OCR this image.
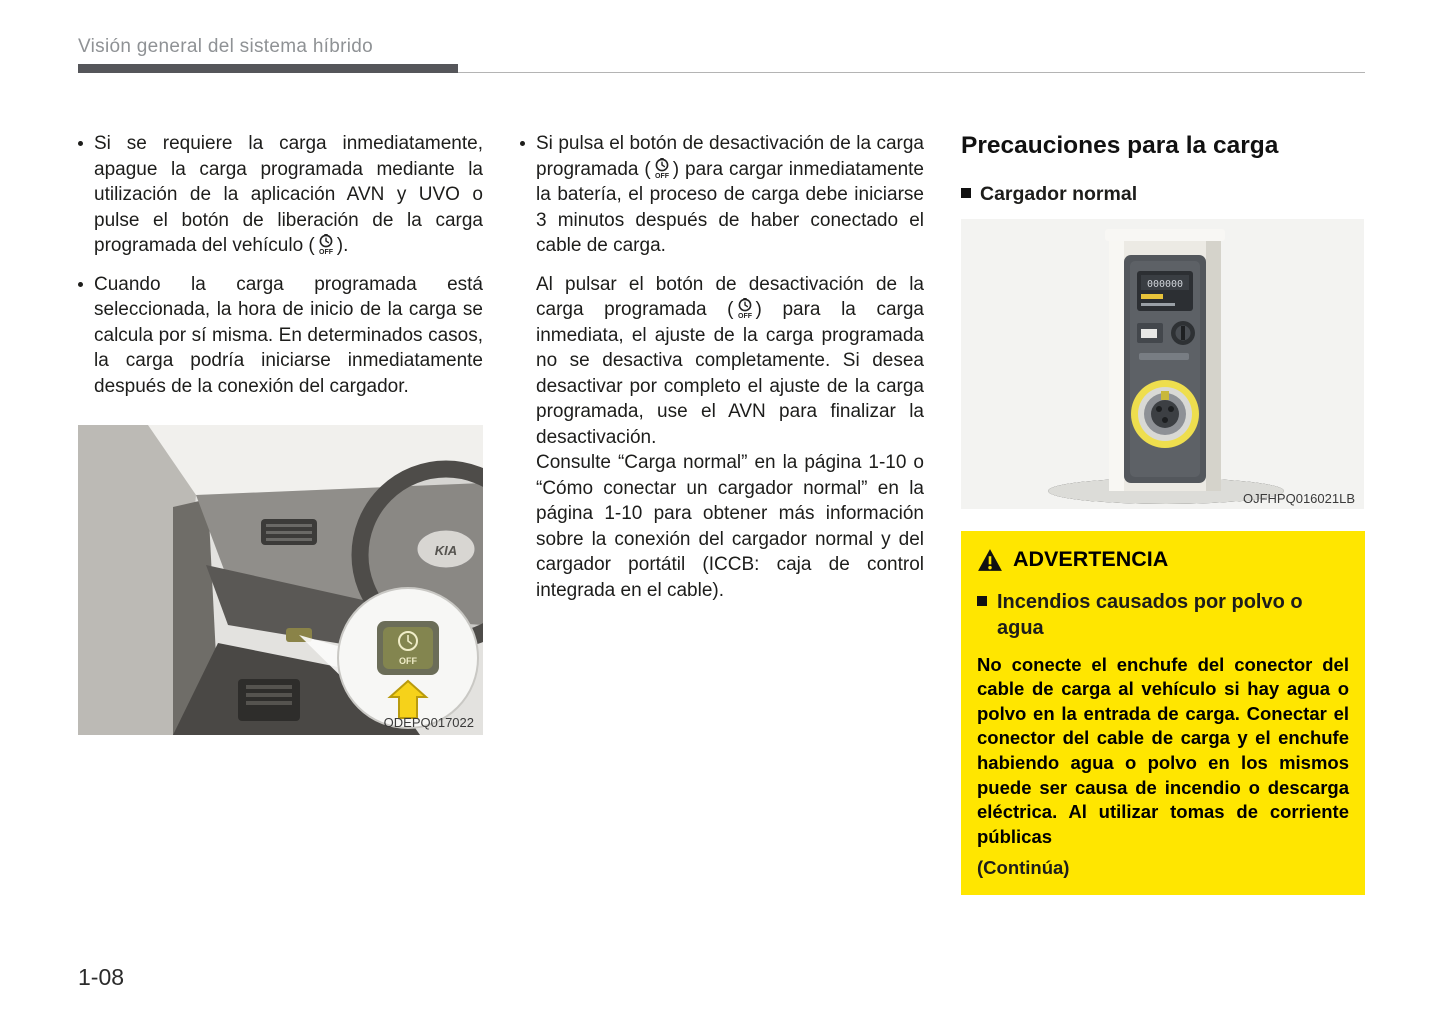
Visión general del sistema híbrido
Si se requiere la carga inmediatamente, apague la carga programada mediante la utilización de la aplicación AVN y UVO o pulse el botón de liberación de la carga programada del vehículo ( OFF ).
Cuando la carga programada está seleccionada, la hora de inicio de la carga se calcula por sí misma. En determinados casos, la carga podría iniciarse inmediatamente después de la conexión del cargador.
KIA
OFF
ODEPQ017022
Si pulsa el botón de desactivación de la carga programada ( OFF ) para cargar inmediatamente la batería, el proceso de carga debe iniciarse 3 minutos después de haber conectado el cable de carga.

Al pulsar el botón de desactivación de la carga programada ( OFF ) para la carga inmediata, el ajuste de la carga programada no se desactiva completamente. Si desea desactivar por completo el ajuste de la carga programada, use el AVN para finalizar la desactivación.

Consulte “Carga normal” en la página 1-10 o “Cómo conectar un cargador normal” en la página 1-10 para obtener más información sobre la conexión del cargador normal y del cargador portátil (ICCB: caja de control integrada en el cable).

Precauciones para la carga
Cargador normal
000000
OJFHPQ016021LB
ADVERTENCIA
Incendios causados por polvo o agua

No conecte el enchufe del conector del cable de carga al vehículo si hay agua o polvo en la entrada de carga. Conectar el conector del cable de carga y el enchufe habiendo agua o polvo en los mismos puede ser causa de incendio o descarga eléctrica. Al utilizar tomas de corriente públicas

(Continúa)

1-08
